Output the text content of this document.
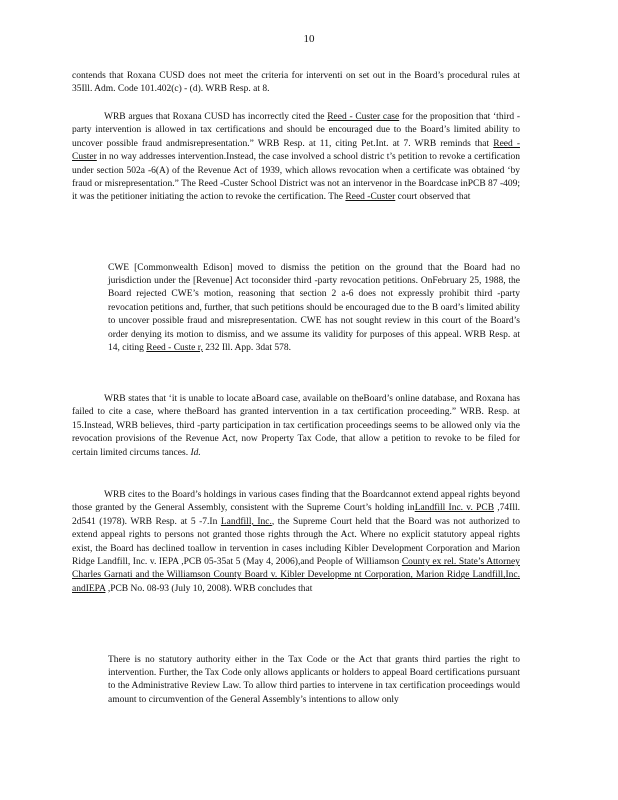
10

contends that Roxana CUSD does not meet the criteria for interventi on set out in the Board’s procedural rules at 35Ill. Adm. Code 101.402(c) - (d). WRB Resp. at 8.

WRB argues that Roxana CUSD has incorrectly cited the Reed - Custer case for the proposition that ‘third -party intervention is allowed in tax certifications and should be encouraged due to the Board’s limited ability to uncover possible fraud andmisrepresentation.” WRB Resp. at 11, citing Pet.Int. at 7. WRB reminds that Reed - Custer in no way addresses intervention.Instead, the case involved a school distric t’s petition to revoke a certification under section 502a -6(A) of the Revenue Act of 1939, which allows revocation when a certificate was obtained ‘by fraud or misrepresentation.” The Reed -Custer School District was not an intervenor in the Boardcase inPCB 87 -409; it was the petitioner initiating the action to revoke the certification. The Reed -Custer court observed that

CWE [Commonwealth Edison] moved to dismiss the petition on the ground that the Board had no jurisdiction under the [Revenue] Act toconsider third -party revocation petitions. OnFebruary 25, 1988, the Board rejected CWE’s motion, reasoning that section 2 a-6 does not expressly prohibit third -party revocation petitions and, further, that such petitions should be encouraged due to the B oard’s limited ability to uncover possible fraud and misrepresentation. CWE has not sought review in this court of the Board’s order denying its motion to dismiss, and we assume its validity for purposes of this appeal. WRB Resp. at 14, citing Reed - Custe r, 232 Ill. App. 3dat 578.

WRB states that ‘it is unable to locate aBoard case, available on theBoard’s online database, and Roxana has failed to cite a case, where theBoard has granted intervention in a tax certification proceeding.” WRB. Resp. at 15.Instead, WRB believes, third -party participation in tax certification proceedings seems to be allowed only via the revocation provisions of the Revenue Act, now Property Tax Code, that allow a petition to revoke to be filed for certain limited circums tances. Id.

WRB cites to the Board’s holdings in various cases finding that the Boardcannot extend appeal rights beyond those granted by the General Assembly, consistent with the Supreme Court’s holding inLandfill Inc. v. PCB ,74Ill. 2d541 (1978). WRB Resp. at 5 -7.In Landfill, Inc., the Supreme Court held that the Board was not authorized to extend appeal rights to persons not granted those rights through the Act. Where no explicit statutory appeal rights exist, the Board has declined toallow in tervention in cases including Kibler Development Corporation and Marion Ridge Landfill, Inc. v. IEPA ,PCB 05-35at 5 (May 4, 2006),and People of Williamson County ex rel. State’s Attorney Charles Garnati and the Williamson County Board v. Kibler Developme nt Corporation, Marion Ridge Landfill,Inc. andIEPA ,PCB No. 08-93 (July 10, 2008). WRB concludes that

There is no statutory authority either in the Tax Code or the Act that grants third parties the right to intervention. Further, the Tax Code only allows applicants or holders to appeal Board certifications pursuant to the Administrative Review Law. To allow third parties to intervene in tax certification proceedings would amount to circumvention of the General Assembly’s intentions to allow only
